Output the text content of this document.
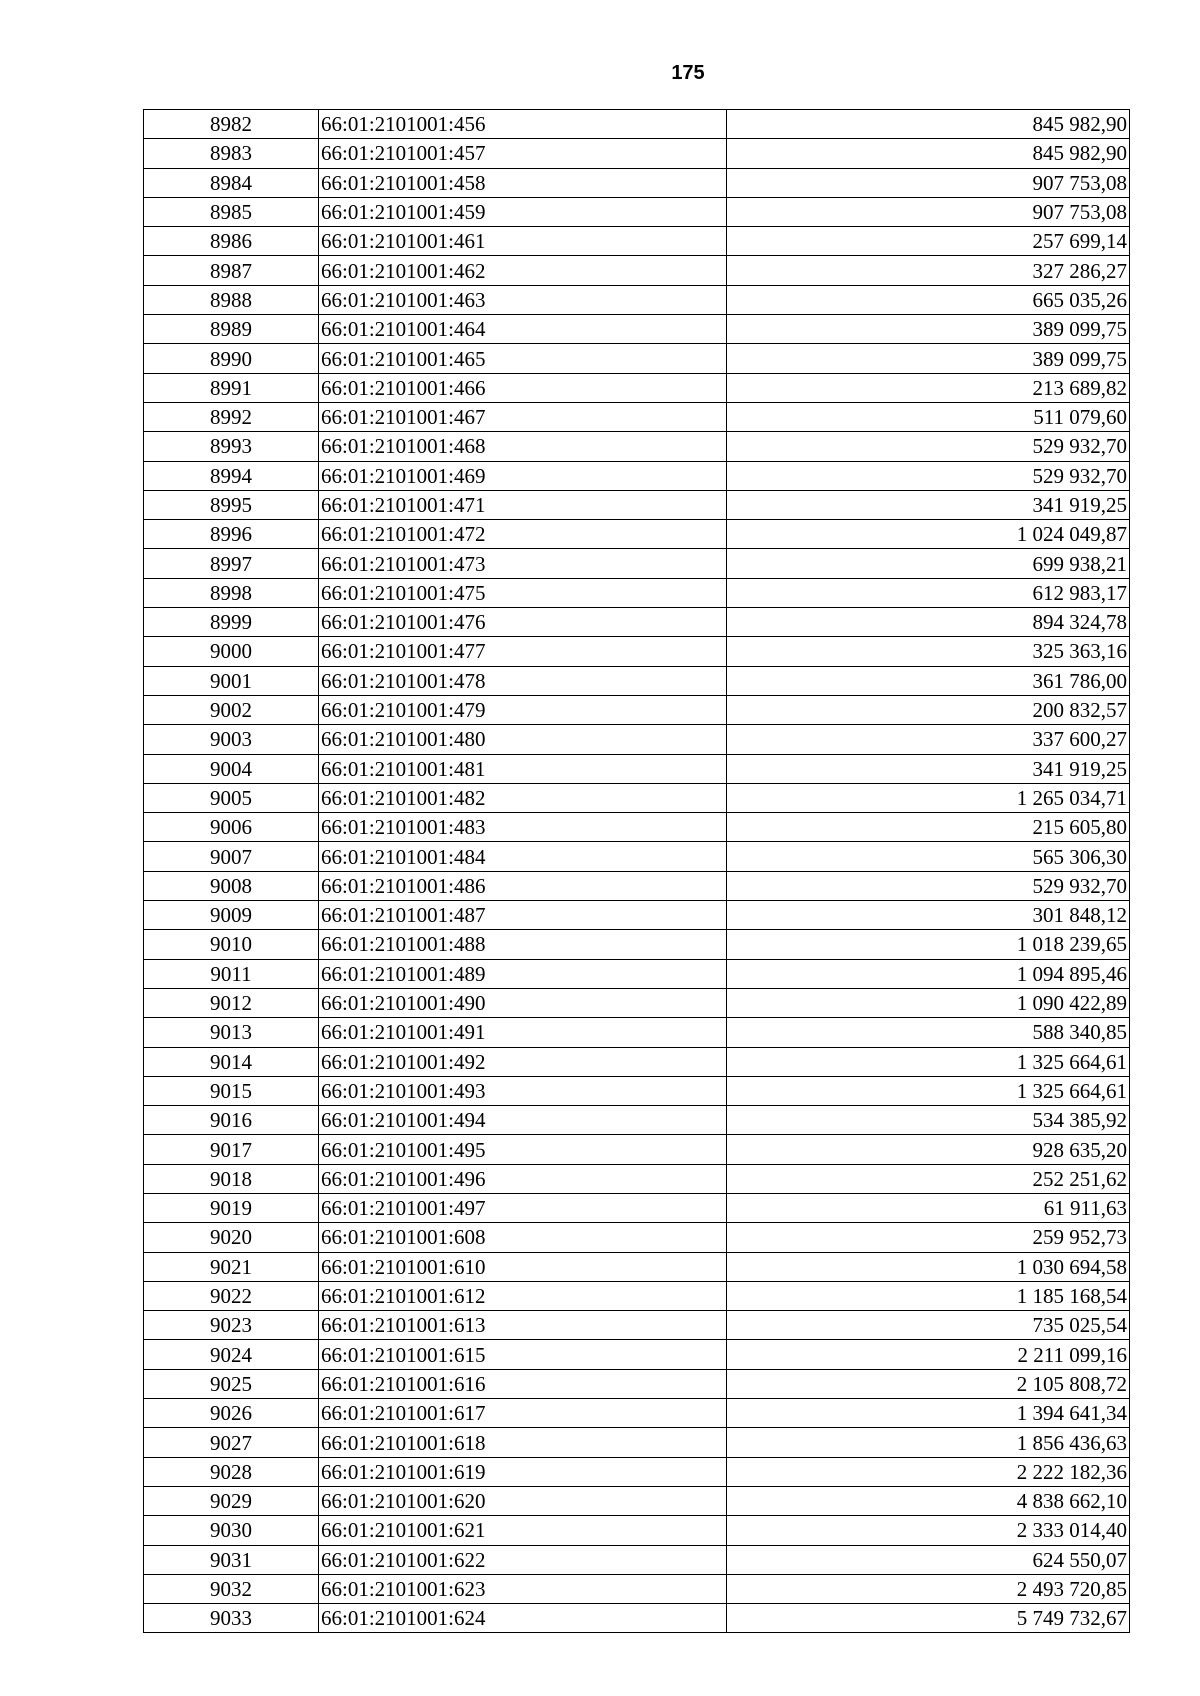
175
8982	66:01:2101001:456	845 982,90
8983	66:01:2101001:457	845 982,90
8984	66:01:2101001:458	907 753,08
8985	66:01:2101001:459	907 753,08
8986	66:01:2101001:461	257 699,14
8987	66:01:2101001:462	327 286,27
8988	66:01:2101001:463	665 035,26
8989	66:01:2101001:464	389 099,75
8990	66:01:2101001:465	389 099,75
8991	66:01:2101001:466	213 689,82
8992	66:01:2101001:467	511 079,60
8993	66:01:2101001:468	529 932,70
8994	66:01:2101001:469	529 932,70
8995	66:01:2101001:471	341 919,25
8996	66:01:2101001:472	1 024 049,87
8997	66:01:2101001:473	699 938,21
8998	66:01:2101001:475	612 983,17
8999	66:01:2101001:476	894 324,78
9000	66:01:2101001:477	325 363,16
9001	66:01:2101001:478	361 786,00
9002	66:01:2101001:479	200 832,57
9003	66:01:2101001:480	337 600,27
9004	66:01:2101001:481	341 919,25
9005	66:01:2101001:482	1 265 034,71
9006	66:01:2101001:483	215 605,80
9007	66:01:2101001:484	565 306,30
9008	66:01:2101001:486	529 932,70
9009	66:01:2101001:487	301 848,12
9010	66:01:2101001:488	1 018 239,65
9011	66:01:2101001:489	1 094 895,46
9012	66:01:2101001:490	1 090 422,89
9013	66:01:2101001:491	588 340,85
9014	66:01:2101001:492	1 325 664,61
9015	66:01:2101001:493	1 325 664,61
9016	66:01:2101001:494	534 385,92
9017	66:01:2101001:495	928 635,20
9018	66:01:2101001:496	252 251,62
9019	66:01:2101001:497	61 911,63
9020	66:01:2101001:608	259 952,73
9021	66:01:2101001:610	1 030 694,58
9022	66:01:2101001:612	1 185 168,54
9023	66:01:2101001:613	735 025,54
9024	66:01:2101001:615	2 211 099,16
9025	66:01:2101001:616	2 105 808,72
9026	66:01:2101001:617	1 394 641,34
9027	66:01:2101001:618	1 856 436,63
9028	66:01:2101001:619	2 222 182,36
9029	66:01:2101001:620	4 838 662,10
9030	66:01:2101001:621	2 333 014,40
9031	66:01:2101001:622	624 550,07
9032	66:01:2101001:623	2 493 720,85
9033	66:01:2101001:624	5 749 732,67
